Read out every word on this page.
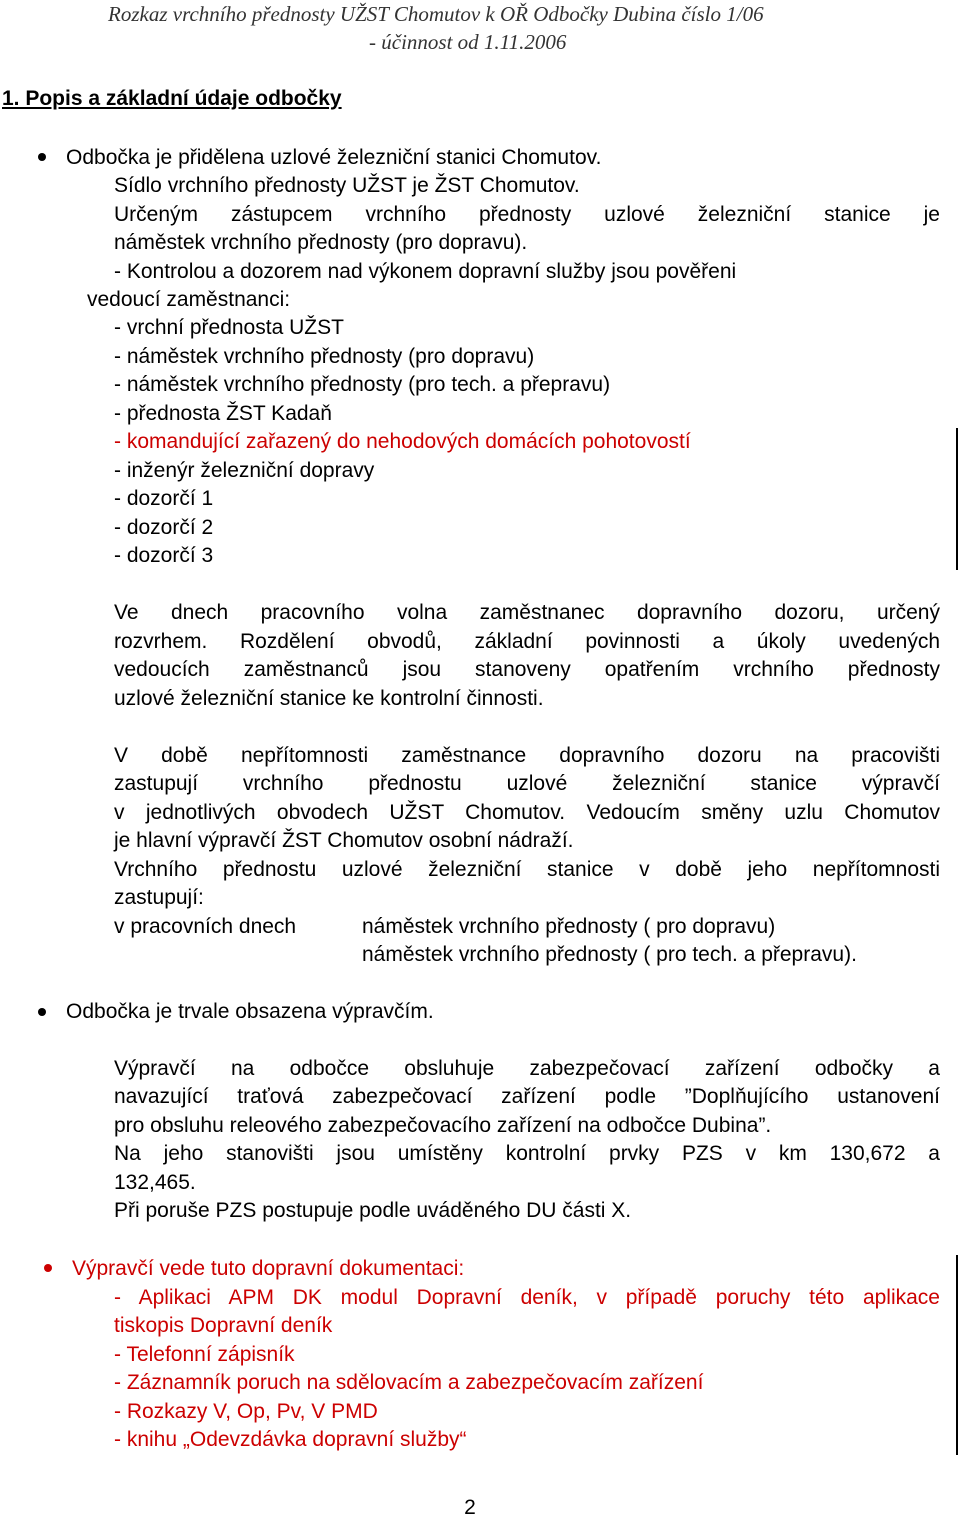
Rozkaz vrchního přednosty UŽST Chomutov k OŘ Odbočky Dubina číslo 1/06
- účinnost od 1.11.2006
1. Popis a základní údaje odbočky
Odbočka je přidělena uzlové železniční stanici Chomutov.
Sídlo vrchního přednosty UŽST je ŽST Chomutov.
Určeným zástupcem vrchního přednosty uzlové železniční stanice je
náměstek vrchního přednosty (pro dopravu).
- Kontrolou a dozorem nad výkonem dopravní služby jsou pověřeni
vedoucí zaměstnanci:
- vrchní přednosta UŽST
- náměstek vrchního přednosty (pro dopravu)
- náměstek vrchního přednosty (pro tech. a přepravu)
- přednosta ŽST Kadaň
- komandující zařazený do nehodových domácích pohotovostí
- inženýr železniční dopravy
- dozorčí 1
- dozorčí 2
- dozorčí 3
Ve dnech pracovního volna zaměstnanec dopravního dozoru, určený
rozvrhem. Rozdělení obvodů, základní povinnosti a úkoly uvedených
vedoucích zaměstnanců jsou stanoveny opatřením vrchního přednosty
uzlové železniční stanice ke kontrolní činnosti.
V době nepřítomnosti zaměstnance dopravního dozoru na pracovišti
zastupují vrchního přednostu uzlové železniční stanice výpravčí
v jednotlivých obvodech UŽST Chomutov. Vedoucím směny uzlu Chomutov
je hlavní výpravčí ŽST Chomutov osobní nádraží.
Vrchního přednostu uzlové železniční stanice v době jeho nepřítomnosti
zastupují:
v pracovních dnech	náměstek vrchního přednosty ( pro dopravu)
náměstek vrchního přednosty ( pro tech. a přepravu).
Odbočka je trvale obsazena výpravčím.
Výpravčí na odbočce obsluhuje zabezpečovací zařízení odbočky a
navazující traťová zabezpečovací zařízení podle ”Doplňujícího ustanovení
pro obsluhu releového zabezpečovacího zařízení na odbočce Dubina”.
Na jeho stanovišti jsou umístěny kontrolní prvky PZS v km 130,672 a
132,465.
Při poruše PZS postupuje podle uváděného DU části X.
Výpravčí vede tuto dopravní dokumentaci:
- Aplikaci APM DK modul Dopravní deník, v případě poruchy této aplikace
tiskopis Dopravní deník
- Telefonní zápisník
- Záznamník poruch na sdělovacím a zabezpečovacím zařízení
- Rozkazy V, Op, Pv, V PMD
- knihu „Odevzdávka dopravní služby“
2
